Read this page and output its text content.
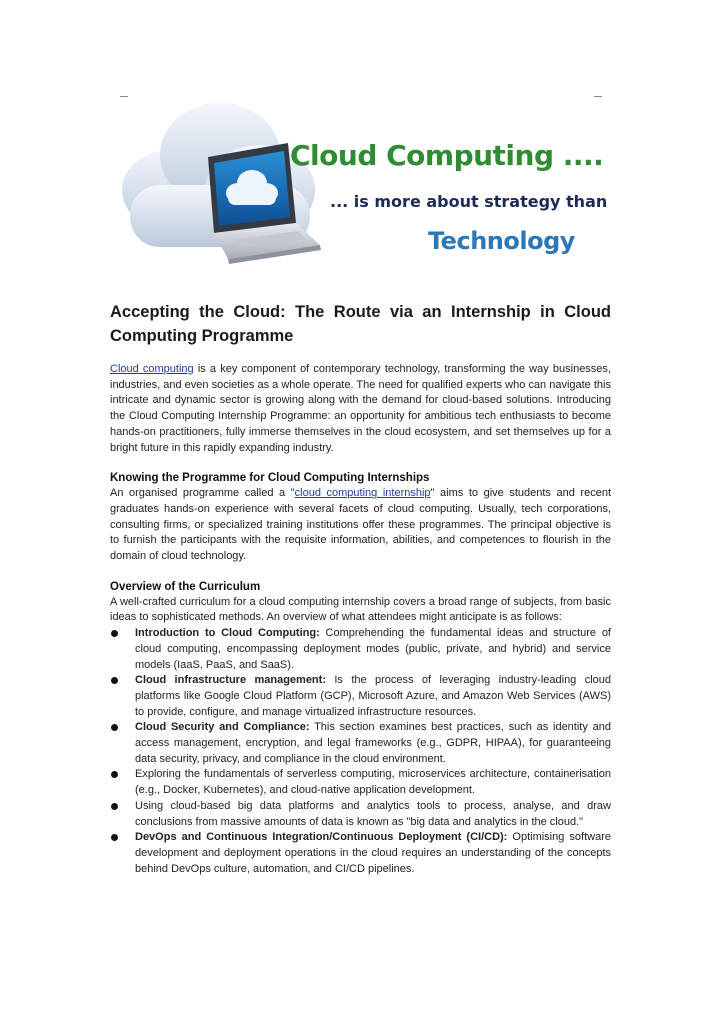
Cloud Computing ....
... is more about strategy than
Technology
Accepting the Cloud: The Route via an Internship in Cloud Computing Programme

Cloud computing is a key component of contemporary technology, transforming the way businesses, industries, and even societies as a whole operate. The need for qualified experts who can navigate this intricate and dynamic sector is growing along with the demand for cloud-based solutions. Introducing the Cloud Computing Internship Programme: an opportunity for ambitious tech enthusiasts to become hands-on practitioners, fully immerse themselves in the cloud ecosystem, and set themselves up for a bright future in this rapidly expanding industry.

Knowing the Programme for Cloud Computing Internships

An organised programme called a "cloud computing internship" aims to give students and recent graduates hands-on experience with several facets of cloud computing. Usually, tech corporations, consulting firms, or specialized training institutions offer these programmes. The principal objective is to furnish the participants with the requisite information, abilities, and competences to flourish in the domain of cloud technology.

Overview of the Curriculum

A well-crafted curriculum for a cloud computing internship covers a broad range of subjects, from basic ideas to sophisticated methods. An overview of what attendees might anticipate is as follows:

Introduction to Cloud Computing: Comprehending the fundamental ideas and structure of cloud computing, encompassing deployment modes (public, private, and hybrid) and service models (IaaS, PaaS, and SaaS).
Cloud infrastructure management: Is the process of leveraging industry-leading cloud platforms like Google Cloud Platform (GCP), Microsoft Azure, and Amazon Web Services (AWS) to provide, configure, and manage virtualized infrastructure resources.
Cloud Security and Compliance: This section examines best practices, such as identity and access management, encryption, and legal frameworks (e.g., GDPR, HIPAA), for guaranteeing data security, privacy, and compliance in the cloud environment.
Exploring the fundamentals of serverless computing, microservices architecture, containerisation (e.g., Docker, Kubernetes), and cloud-native application development.
Using cloud-based big data platforms and analytics tools to process, analyse, and draw conclusions from massive amounts of data is known as "big data and analytics in the cloud."
DevOps and Continuous Integration/Continuous Deployment (CI/CD): Optimising software development and deployment operations in the cloud requires an understanding of the concepts behind DevOps culture, automation, and CI/CD pipelines.
